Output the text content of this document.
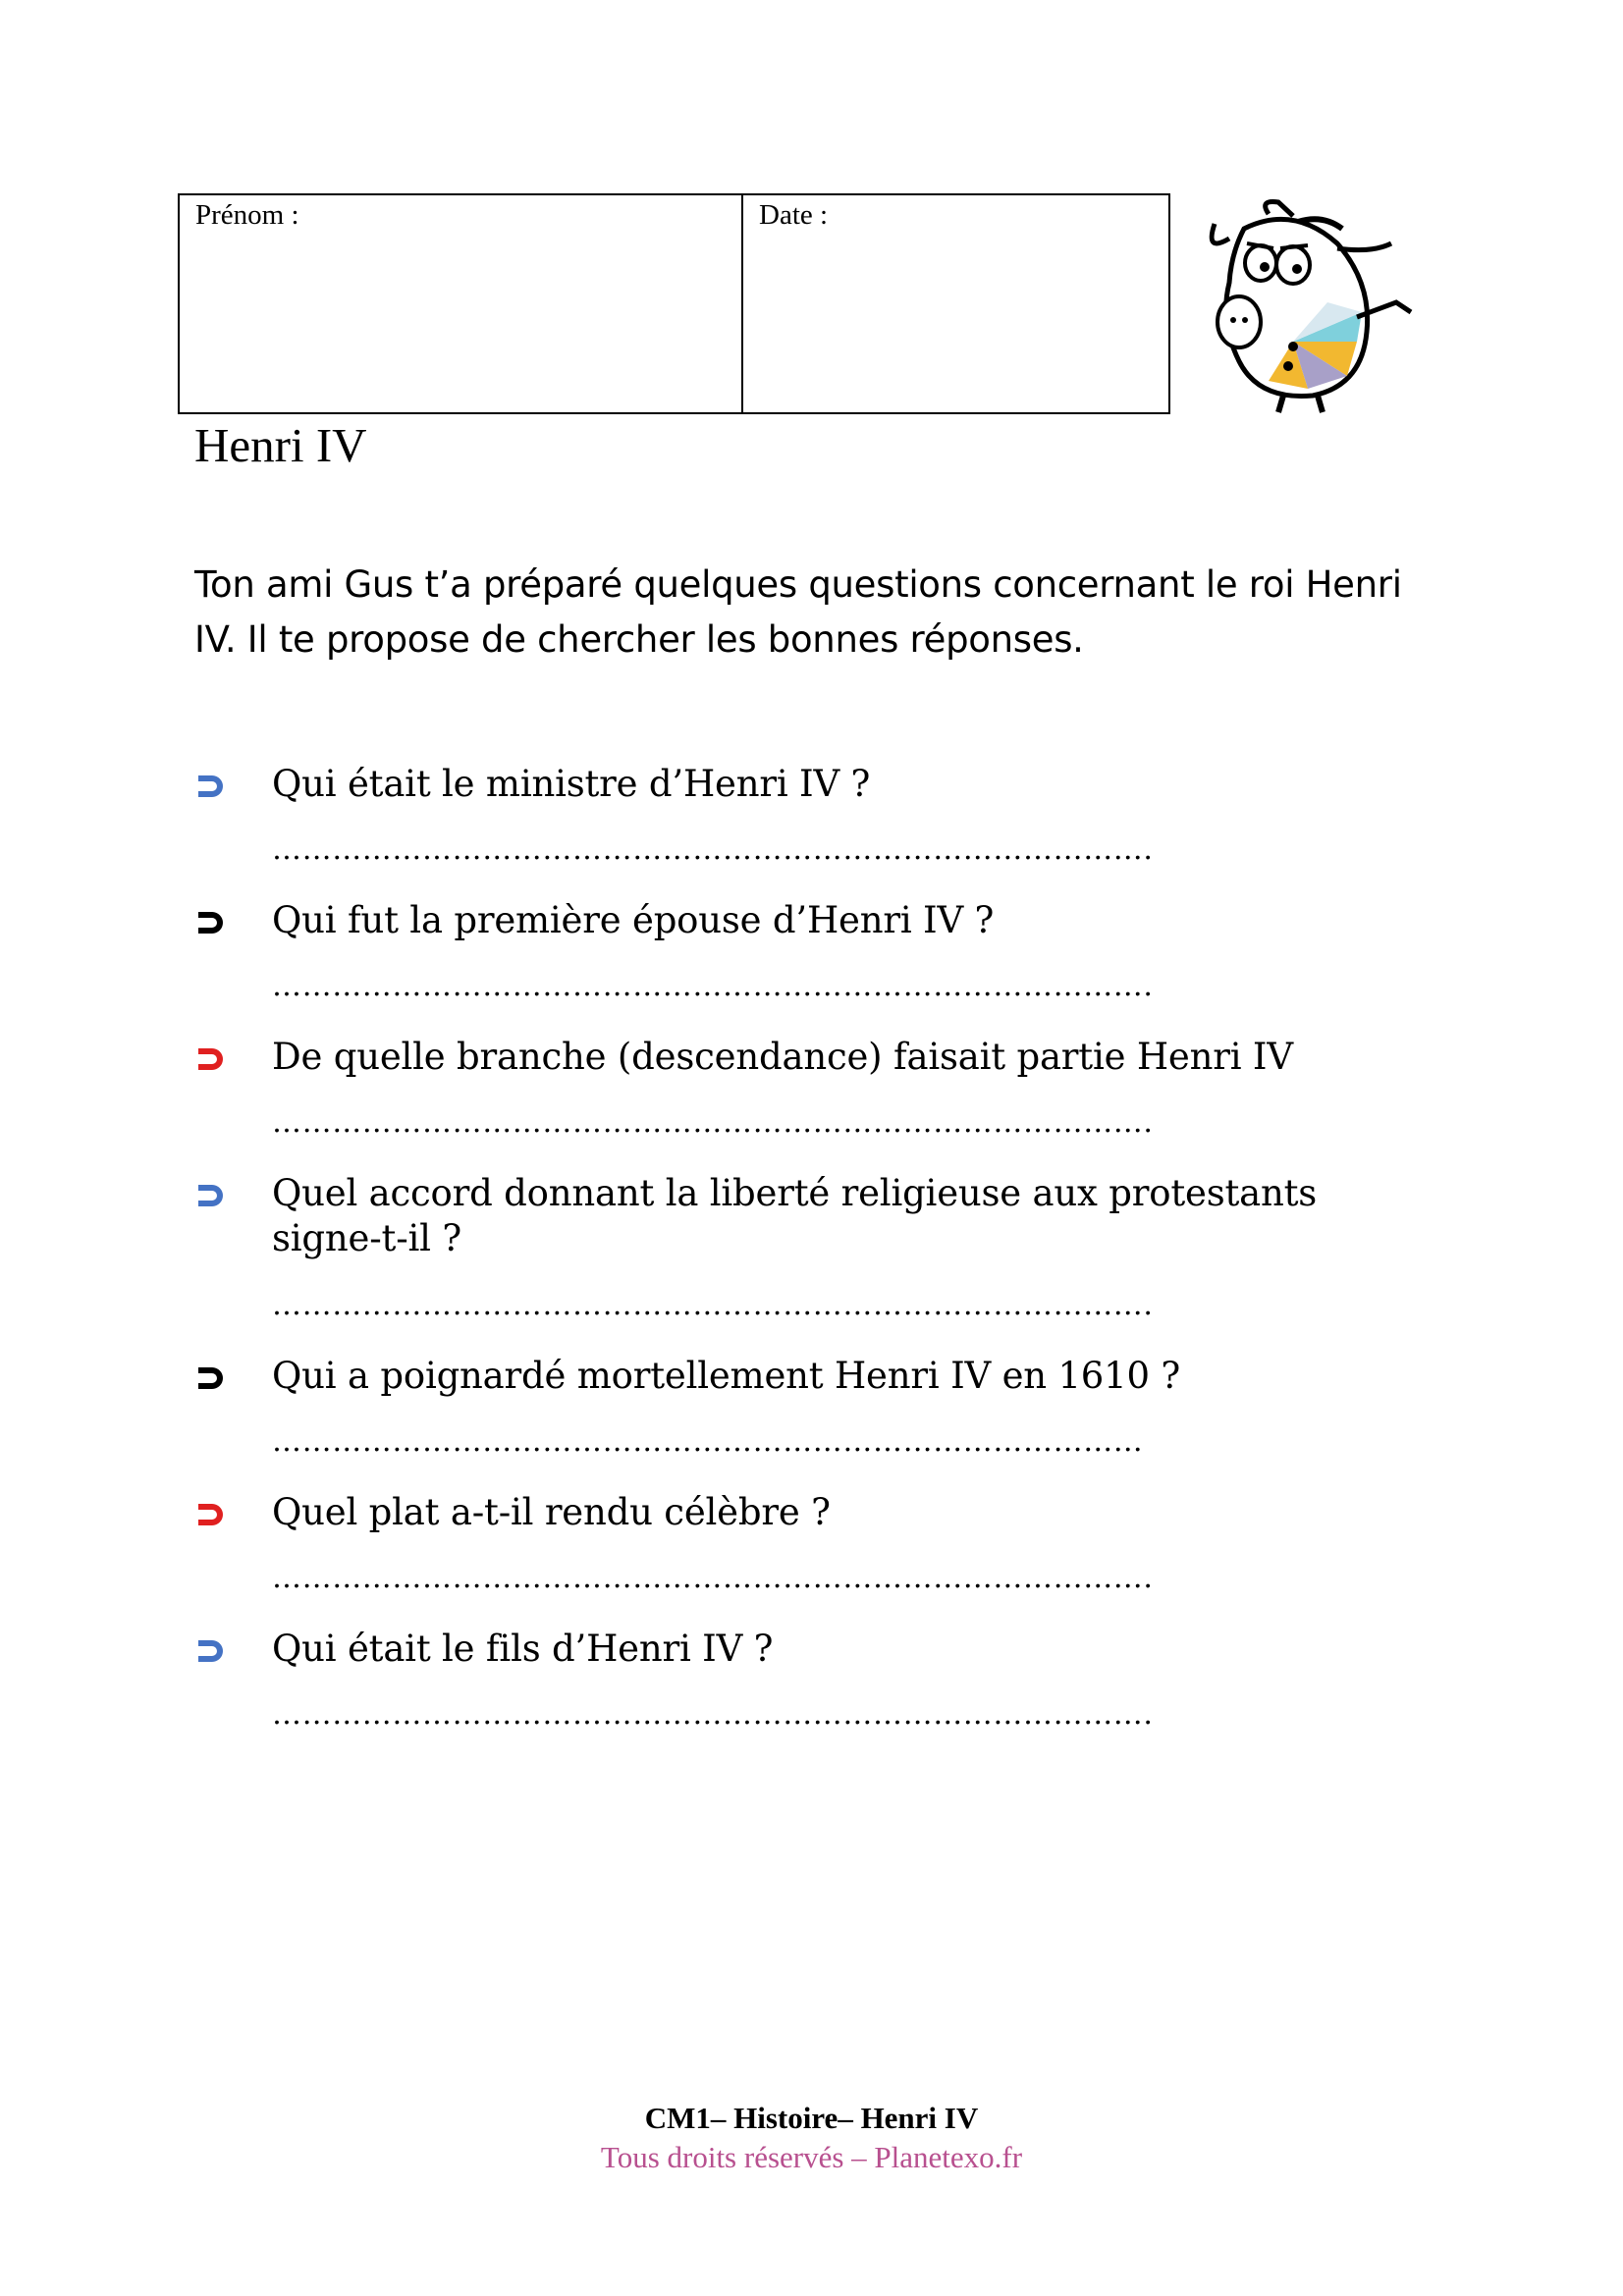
Prénom :	Date :
Henri IV
Ton ami Gus t’a préparé quelques questions concernant le roi Henri IV. Il te propose de chercher les bonnes réponses.
Qui était le ministre d’Henri IV ?
…………………………………………………………………………….
Qui fut la première épouse d’Henri IV ?
…………………………………………………………………………….
De quelle branche (descendance) faisait partie Henri IV
…………………………………………………………………………….
Quel accord donnant la liberté religieuse aux protestants signe-t-il ?
…………………………………………………………………………….
Qui a poignardé mortellement Henri IV en 1610 ?
……………………………………………………………………………
Quel plat a-t-il rendu célèbre ?
…………………………………………………………………………….
Qui était le fils d’Henri IV ?
…………………………………………………………………………….
CM1– Histoire– Henri IV
Tous droits réservés – Planetexo.fr
